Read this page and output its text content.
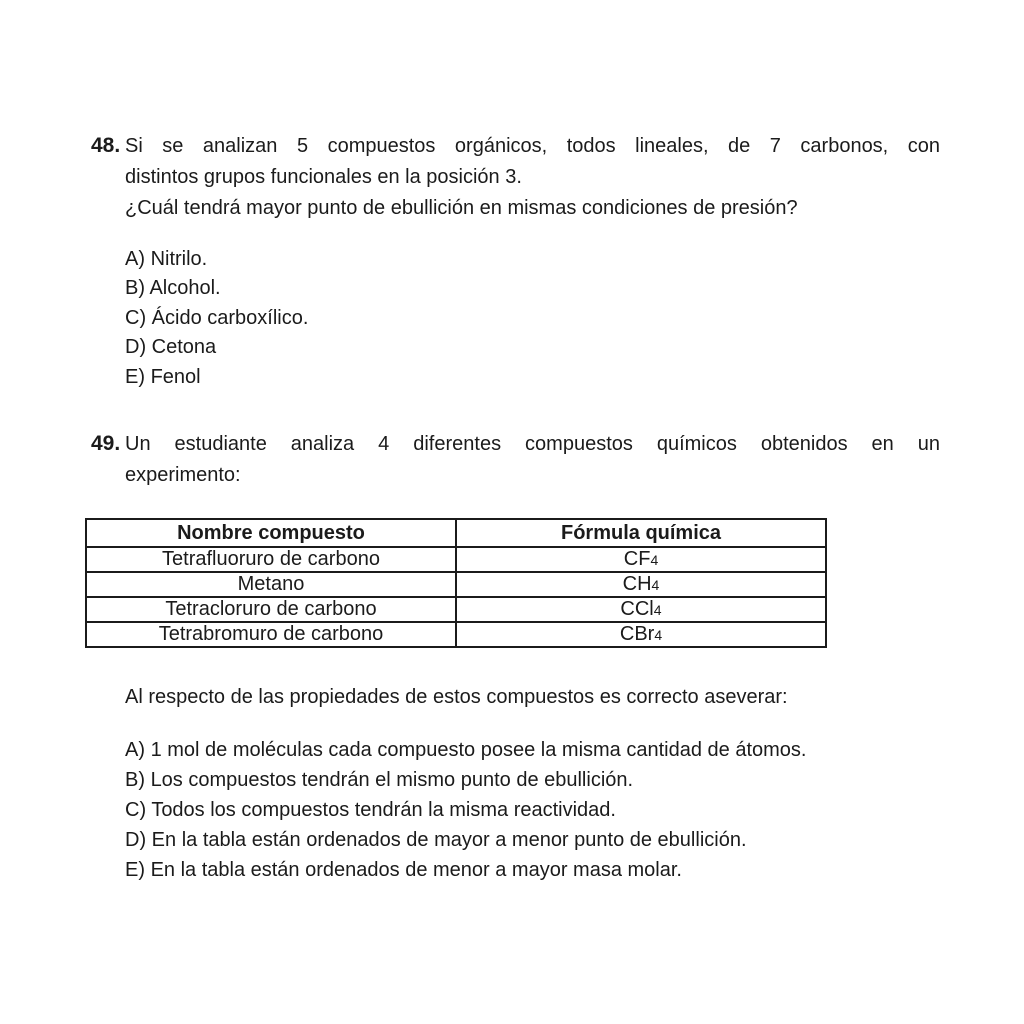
48. Si se analizan 5 compuestos orgánicos, todos lineales, de 7 carbonos, con
distintos grupos funcionales en la posición 3.
¿Cuál tendrá mayor punto de ebullición en mismas condiciones de presión?
A) Nitrilo.
B) Alcohol.
C) Ácido carboxílico.
D) Cetona
E) Fenol
49. Un estudiante analiza 4 diferentes compuestos químicos obtenidos en un
experimento:
Nombre compuesto	Fórmula química
Tetrafluoruro de carbono	CF4
Metano	CH4
Tetracloruro de carbono	CCl4
Tetrabromuro de carbono	CBr4
Al respecto de las propiedades de estos compuestos es correcto aseverar:
A) 1 mol de moléculas cada compuesto posee la misma cantidad de átomos.
B) Los compuestos tendrán el mismo punto de ebullición.
C) Todos los compuestos tendrán la misma reactividad.
D) En la tabla están ordenados de mayor a menor punto de ebullición.
E) En la tabla están ordenados de menor a mayor masa molar.
